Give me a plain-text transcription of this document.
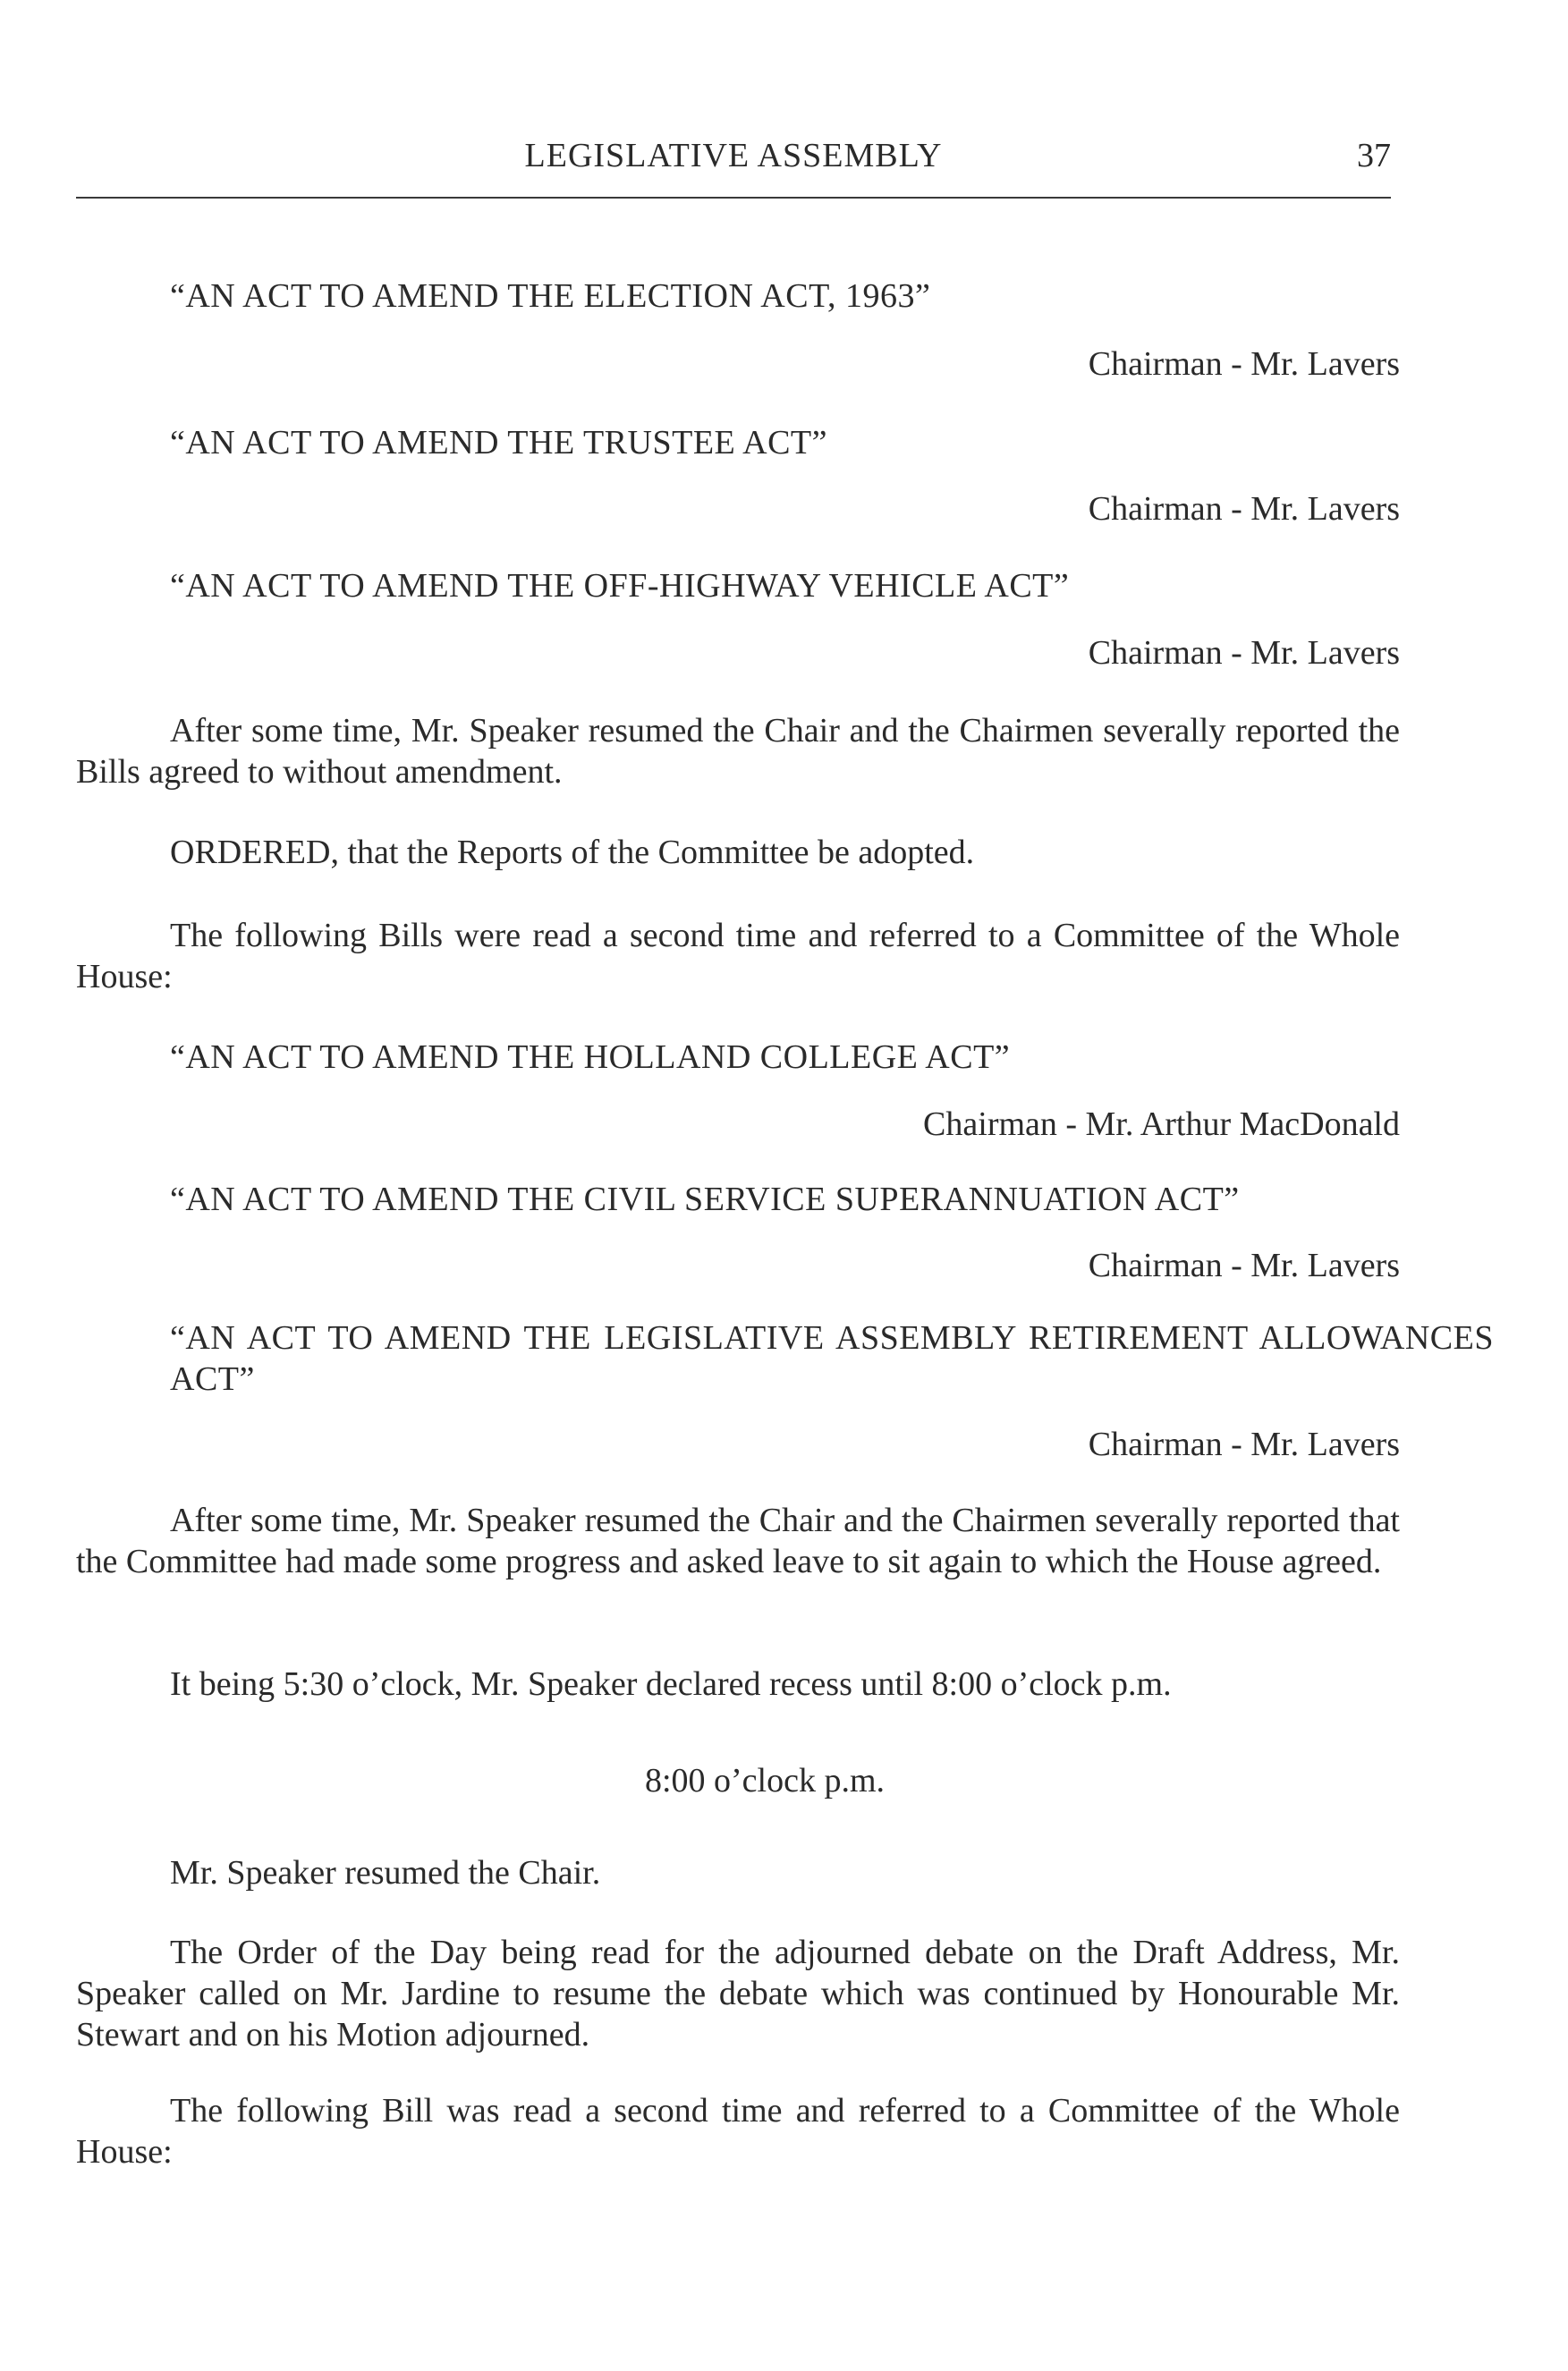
LEGISLATIVE ASSEMBLY	37
“AN ACT TO AMEND THE ELECTION ACT, 1963”
Chairman - Mr. Lavers
“AN ACT TO AMEND THE TRUSTEE ACT”
Chairman - Mr. Lavers
“AN ACT TO AMEND THE OFF-HIGHWAY VEHICLE ACT”
Chairman - Mr. Lavers
After some time, Mr. Speaker resumed the Chair and the Chairmen severally reported the Bills agreed to without amendment.
ORDERED, that the Reports of the Committee be adopted.
The following Bills were read a second time and referred to a Committee of the Whole House:
“AN ACT TO AMEND THE HOLLAND COLLEGE ACT”
Chairman - Mr. Arthur MacDonald
“AN ACT TO AMEND THE CIVIL SERVICE SUPERANNUATION ACT”
Chairman - Mr. Lavers
“AN ACT TO AMEND THE LEGISLATIVE ASSEMBLY RETIREMENT ALLOWANCES ACT”
Chairman - Mr. Lavers
After some time, Mr. Speaker resumed the Chair and the Chairmen severally reported that the Committee had made some progress and asked leave to sit again to which the House agreed.
It being 5:30 o’clock, Mr. Speaker declared recess until 8:00 o’clock p.m.
8:00 o’clock p.m.
Mr. Speaker resumed the Chair.
The Order of the Day being read for the adjourned debate on the Draft Address, Mr. Speaker called on Mr. Jardine to resume the debate which was continued by Honourable Mr. Stewart and on his Motion adjourned.
The following Bill was read a second time and referred to a Committee of the Whole House:
